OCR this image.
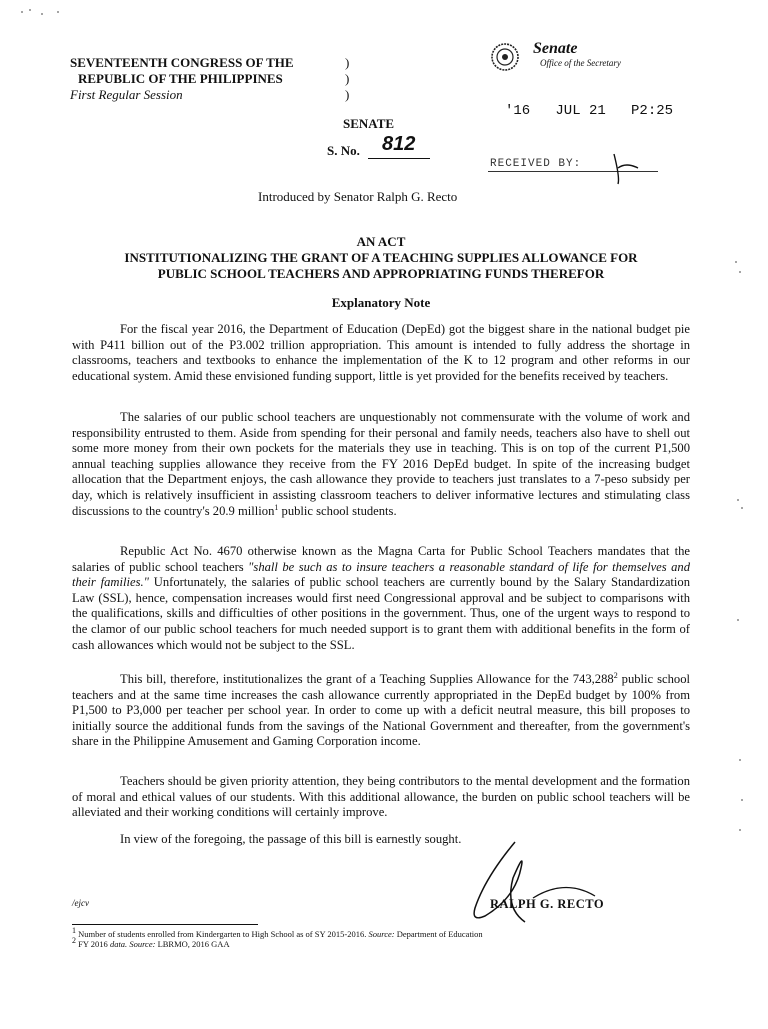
SEVENTEENTH CONGRESS OF THE
REPUBLIC OF THE PHILIPPINES
First Regular Session
)
)
)
SENATE
S. No. 812
Senate
Office of the Secretary
'16   JUL 21   P2:25
RECEIVED BY:
Introduced by Senator Ralph G. Recto
AN ACT
INSTITUTIONALIZING THE GRANT OF A TEACHING SUPPLIES ALLOWANCE FOR
PUBLIC SCHOOL TEACHERS AND APPROPRIATING FUNDS THEREFOR
Explanatory Note

For the fiscal year 2016, the Department of Education (DepEd) got the biggest share in the national budget pie with P411 billion out of the P3.002 trillion appropriation. This amount is intended to fully address the shortage in classrooms, teachers and textbooks to enhance the implementation of the K to 12 program and other reforms in our educational system. Amid these envisioned funding support, little is yet provided for the benefits received by teachers.

The salaries of our public school teachers are unquestionably not commensurate with the volume of work and responsibility entrusted to them. Aside from spending for their personal and family needs, teachers also have to shell out some more money from their own pockets for the materials they use in teaching. This is on top of the current P1,500 annual teaching supplies allowance they receive from the FY 2016 DepEd budget. In spite of the increasing budget allocation that the Department enjoys, the cash allowance they provide to teachers just translates to a 7-peso subsidy per day, which is relatively insufficient in assisting classroom teachers to deliver informative lectures and stimulating class discussions to the country's 20.9 million$^1$ public school students.

Republic Act No. 4670 otherwise known as the Magna Carta for Public School Teachers mandates that the salaries of public school teachers "shall be such as to insure teachers a reasonable standard of life for themselves and their families." Unfortunately, the salaries of public school teachers are currently bound by the Salary Standardization Law (SSL), hence, compensation increases would first need Congressional approval and be subject to comparisons with the qualifications, skills and difficulties of other positions in the government. Thus, one of the urgent ways to respond to the clamor of our public school teachers for much needed support is to grant them with additional benefits in the form of cash allowances which would not be subject to the SSL.

This bill, therefore, institutionalizes the grant of a Teaching Supplies Allowance for the 743,288$^2$ public school teachers and at the same time increases the cash allowance currently appropriated in the DepEd budget by 100% from P1,500 to P3,000 per teacher per school year. In order to come up with a deficit neutral measure, this bill proposes to initially source the additional funds from the savings of the National Government and thereafter, from the government's share in the Philippine Amusement and Gaming Corporation income.

Teachers should be given priority attention, they being contributors to the mental development and the formation of moral and ethical values of our students. With this additional allowance, the burden on public school teachers will be alleviated and their working conditions will certainly improve.

In view of the foregoing, the passage of this bill is earnestly sought.

RALPH G. RECTO
/ejcv
$^1$ Number of students enrolled from Kindergarten to High School as of SY 2015-2016. Source: Department of Education
$^2$ FY 2016 data. Source: LBRMO, 2016 GAA
